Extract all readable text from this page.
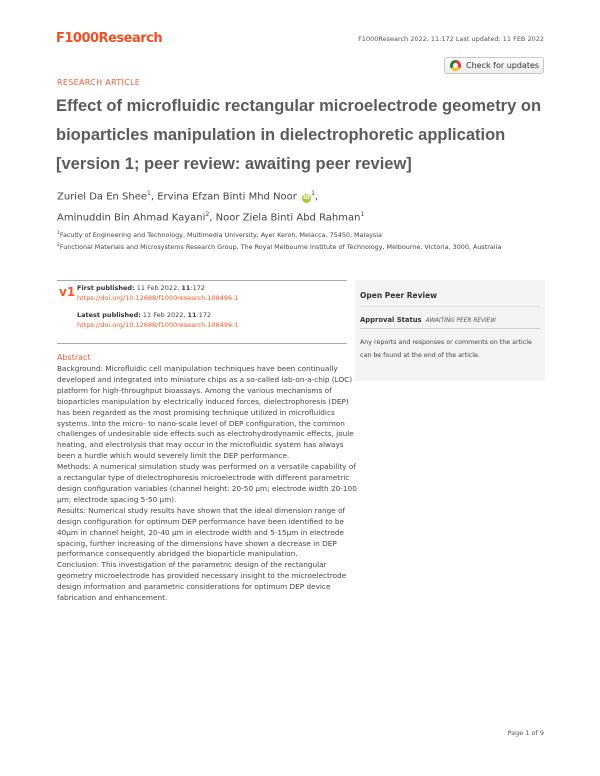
F1000Research	F1000Research 2022, 11:172 Last updated: 11 FEB 2022
RESEARCH ARTICLE
Check for updates
Effect of microfluidic rectangular microelectrode geometry on bioparticles manipulation in dielectrophoretic application [version 1; peer review: awaiting peer review]
Zuriel Da En Shee$^1$, Ervina Efzan Binti Mhd Noor $iD^1$,
Aminuddin Bin Ahmad Kayani$^2$, Noor Ziela Binti Abd Rahman$^1$
$^1$Faculty of Engineering and Technology, Multimedia University, Ayer Keroh, Melacca, 75450, Malaysia
$^2$Functional Materials and Microsystems Research Group, The Royal Melbourne Institute of Technology, Melbourne, Victoria, 3000, Australia
v1 First published: 11 Feb 2022, 11:172
https://doi.org/10.12688/f1000research.108496.1
Latest published: 11 Feb 2022, 11:172
https://doi.org/10.12688/f1000research.108496.1
Open Peer Review
Approval Status AWAITING PEER REVIEW
Any reports and responses or comments on the article can be found at the end of the article.
Abstract

Background: Microfluidic cell manipulation techniques have been continually developed and integrated into miniature chips as a so-called lab-on-a-chip (LOC) platform for high-throughput bioassays. Among the various mechanisms of bioparticles manipulation by electrically induced forces, dielectrophoresis (DEP) has been regarded as the most promising technique utilized in microfluidics systems. Into the micro- to nano-scale level of DEP configuration, the common challenges of undesirable side effects such as electrohydrodynamic effects, joule heating, and electrolysis that may occur in the microfluidic system has always been a hurdle which would severely limit the DEP performance.

Methods: A numerical simulation study was performed on a versatile capability of a rectangular type of dielectrophoresis microelectrode with different parametric design configuration variables (channel height: 20-50 µm; electrode width 20-100 µm; electrode spacing 5-50 µm).

Results: Numerical study results have shown that the ideal dimension range of design configuration for optimum DEP performance have been identified to be 40µm in channel height, 20-40 µm in electrode width and 5-15µm in electrode spacing, further increasing of the dimensions have shown a decrease in DEP performance consequently abridged the bioparticle manipulation.

Conclusion: This investigation of the parametric design of the rectangular geometry microelectrode has provided necessary insight to the microelectrode design information and parametric considerations for optimum DEP device fabrication and enhancement.

Page 1 of 9
